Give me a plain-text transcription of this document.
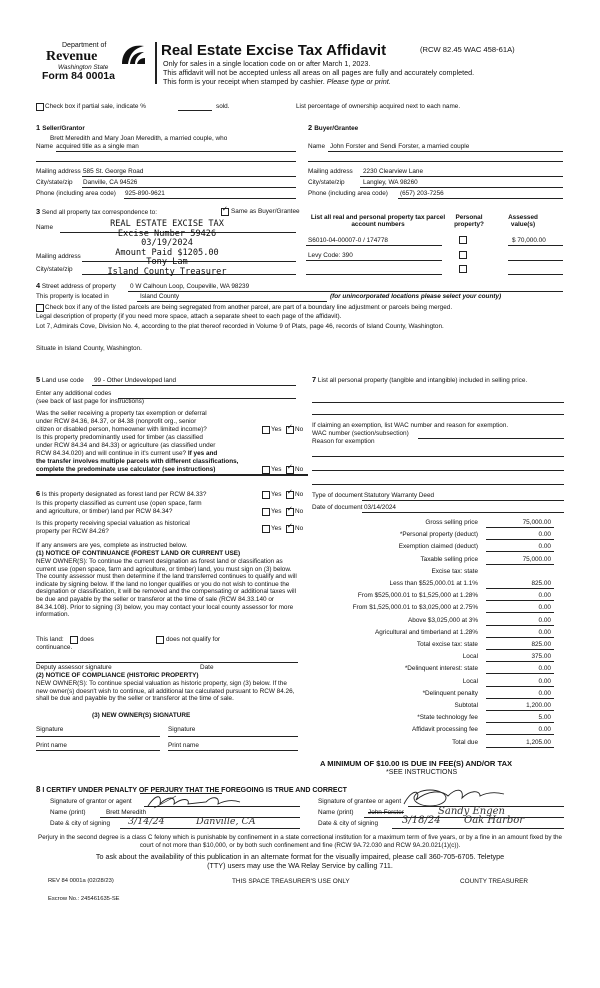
Department of
Revenue
Washington State
Form 84 0001a
Real Estate Excise Tax Affidavit	(RCW 82.45 WAC 458-61A)
Only for sales in a single location code on or after March 1, 2023.
This affidavit will not be accepted unless all areas on all pages are fully and accurately completed.
This form is your receipt when stamped by cashier. Please type or print.
Check box if partial sale, indicate %	sold.	List percentage of ownership acquired next to each name.
1 Seller/Grantor
Brett Meredith and Mary Joan Meredith, a married couple, who
Name acquired title as a single man
Mailing address 585 St. George Road
City/state/zip Danville, CA 94526
Phone (including area code) 925-890-9621
2 Buyer/Grantee
Name John Forster and Sendi Forster, a married couple
Mailing address 2230 Clearview Lane
City/state/zip	Langley, WA 98260
Phone (including area code) (657) 203-7256
3 Send all property tax correspondence to: ✓	Same as Buyer/Grantee
Name
Mailing address
City/state/zip
REAL ESTATE EXCISE TAX
Excise Number 59426
03/19/2024
Amount Paid $1205.00
Tony Lam
Island County Treasurer
List all real and personal property tax parcel account numbers
Personal property?
Assessed value(s)
S6010-04-00007-0 / 174778	$ 70,000.00
Levy Code: 390
4 Street address of property 0 W Calhoun Loop, Coupeville, WA 98239
This property is located in	Island County	(for unincorporated locations please select your county)
Check box if any of the listed parcels are being segregated from another parcel, are part of a boundary line adjustment or parcels being merged.
Legal description of property (if you need more space, attach a separate sheet to each page of the affidavit).
Lot 7, Admirals Cove, Division No. 4, according to the plat thereof recorded in Volume 9 of Plats, page 46, records of Island County, Washington.
Situate in Island County, Washington.
5 Land use code 99 - Other Undeveloped land
Enter any additional codes
(see back of last page for instructions)
Was the seller receiving a property tax exemption or deferral
under RCW 84.36, 84.37, or 84.38 (nonprofit org., senior
citizen or disabled person, homeowner with limited income)?	Yes ✓ No
Is this property predominantly used for timber (as classified
under RCW 84.34 and 84.33) or agriculture (as classified under
RCW 84.34.020) and will continue in it's current use? If yes and
the transfer involves multiple parcels with different classifications,
complete the predominate use calculator (see instructions)	Yes ✓ No
7 List all personal property (tangible and intangible) included in selling price.
If claiming an exemption, list WAC number and reason for exemption.
WAC number (section/subsection)
Reason for exemption
6 Is this property designated as forest land per RCW 84.33?	Yes ✓ No
Is this property classified as current use (open space, farm
and agriculture, or timber) land per RCW 84.34?	Yes ✓ No
Is this property receiving special valuation as historical
property per RCW 84.26?	Yes ✓ No
If any answers are yes, complete as instructed below.
(1) NOTICE OF CONTINUANCE (FOREST LAND OR CURRENT USE)
NEW OWNER(S): To continue the current designation as forest land or classification as current use (open space, farm and agriculture, or timber) land, you must sign on (3) below. The county assessor must then determine if the land transferred continues to qualify and will indicate by signing below. If the land no longer qualifies or you do not wish to continue the designation or classification, it will be removed and the compensating or additional taxes will be due and payable by the seller or transferor at the time of sale (RCW 84.33.140 or 84.34.108). Prior to signing (3) below, you may contact your local county assessor for more information.
This land:	does	does not qualify for
continuance.
Deputy assessor signature	Date
(2) NOTICE OF COMPLIANCE (HISTORIC PROPERTY)
NEW OWNER(S): To continue special valuation as historic property, sign (3) below. If the new owner(s) doesn't wish to continue, all additional tax calculated pursuant to RCW 84.26, shall be due and payable by the seller or transferor at the time of sale.
(3) NEW OWNER(S) SIGNATURE
Signature	Signature
Print name	Print name
Type of document Statutory Warranty Deed
Date of document 03/14/2024
Gross selling price	75,000.00
*Personal property (deduct)	0.00
Exemption claimed (deduct)	0.00
Taxable selling price	75,000.00
Excise tax: state
Less than $525,000.01 at 1.1%	825.00
From $525,000.01 to $1,525,000 at 1.28%	0.00
From $1,525,000.01 to $3,025,000 at 2.75%	0.00
Above $3,025,000 at 3%	0.00
Agricultural and timberland at 1.28%	0.00
Total excise tax: state	825.00
Local	375.00
*Delinquent interest: state	0.00
Local	0.00
*Delinquent penalty	0.00
Subtotal	1,200.00
*State technology fee	5.00
Affidavit processing fee	0.00
Total due	1,205.00
A MINIMUM OF $10.00 IS DUE IN FEE(S) AND/OR TAX
*SEE INSTRUCTIONS
8 I CERTIFY UNDER PENALTY OF PERJURY THAT THE FOREGOING IS TRUE AND CORRECT
Signature of grantor or agent
Name (print)	Brett Meredith
Date & city of signing 3/14/24	Danville, CA
Signature of grantee or agent
Name (print) John Forster	Sandy Engen
Date & city of signing 3/18/24 Oak Harbor
Perjury in the second degree is a class C felony which is punishable by confinement in a state correctional institution for a maximum term of five years, or by a fine in an amount fixed by the court of not more than $10,000, or by both such confinement and fine (RCW 9A.72.030 and RCW 9A.20.021(1)(c)).
To ask about the availability of this publication in an alternate format for the visually impaired, please call 360-705-6705. Teletype
(TTY) users may use the WA Relay Service by calling 711.
REV 84 0001a (02/28/23)	THIS SPACE TREASURER'S USE ONLY	COUNTY TREASURER
Escrow No.: 245461635-SE
